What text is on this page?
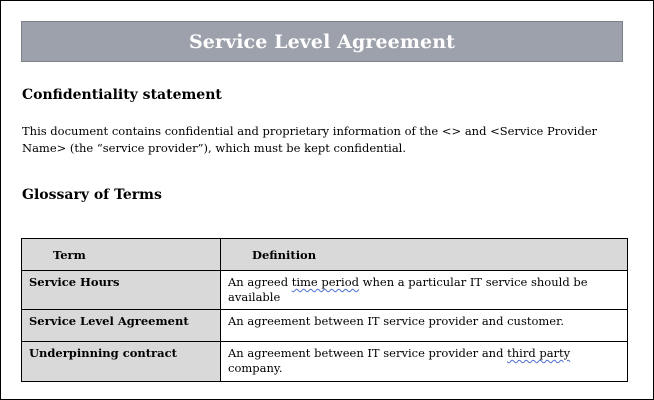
Service Level Agreement
Confidentiality statement
This document contains confidential and proprietary information of the <> and <Service Provider Name> (the “service provider”), which must be kept confidential.
Glossary of Terms
Term	Definition
Service Hours	An agreed time period when a particular IT service should be available
Service Level Agreement	An agreement between IT service provider and customer.
Underpinning contract	An agreement between IT service provider and third party company.
